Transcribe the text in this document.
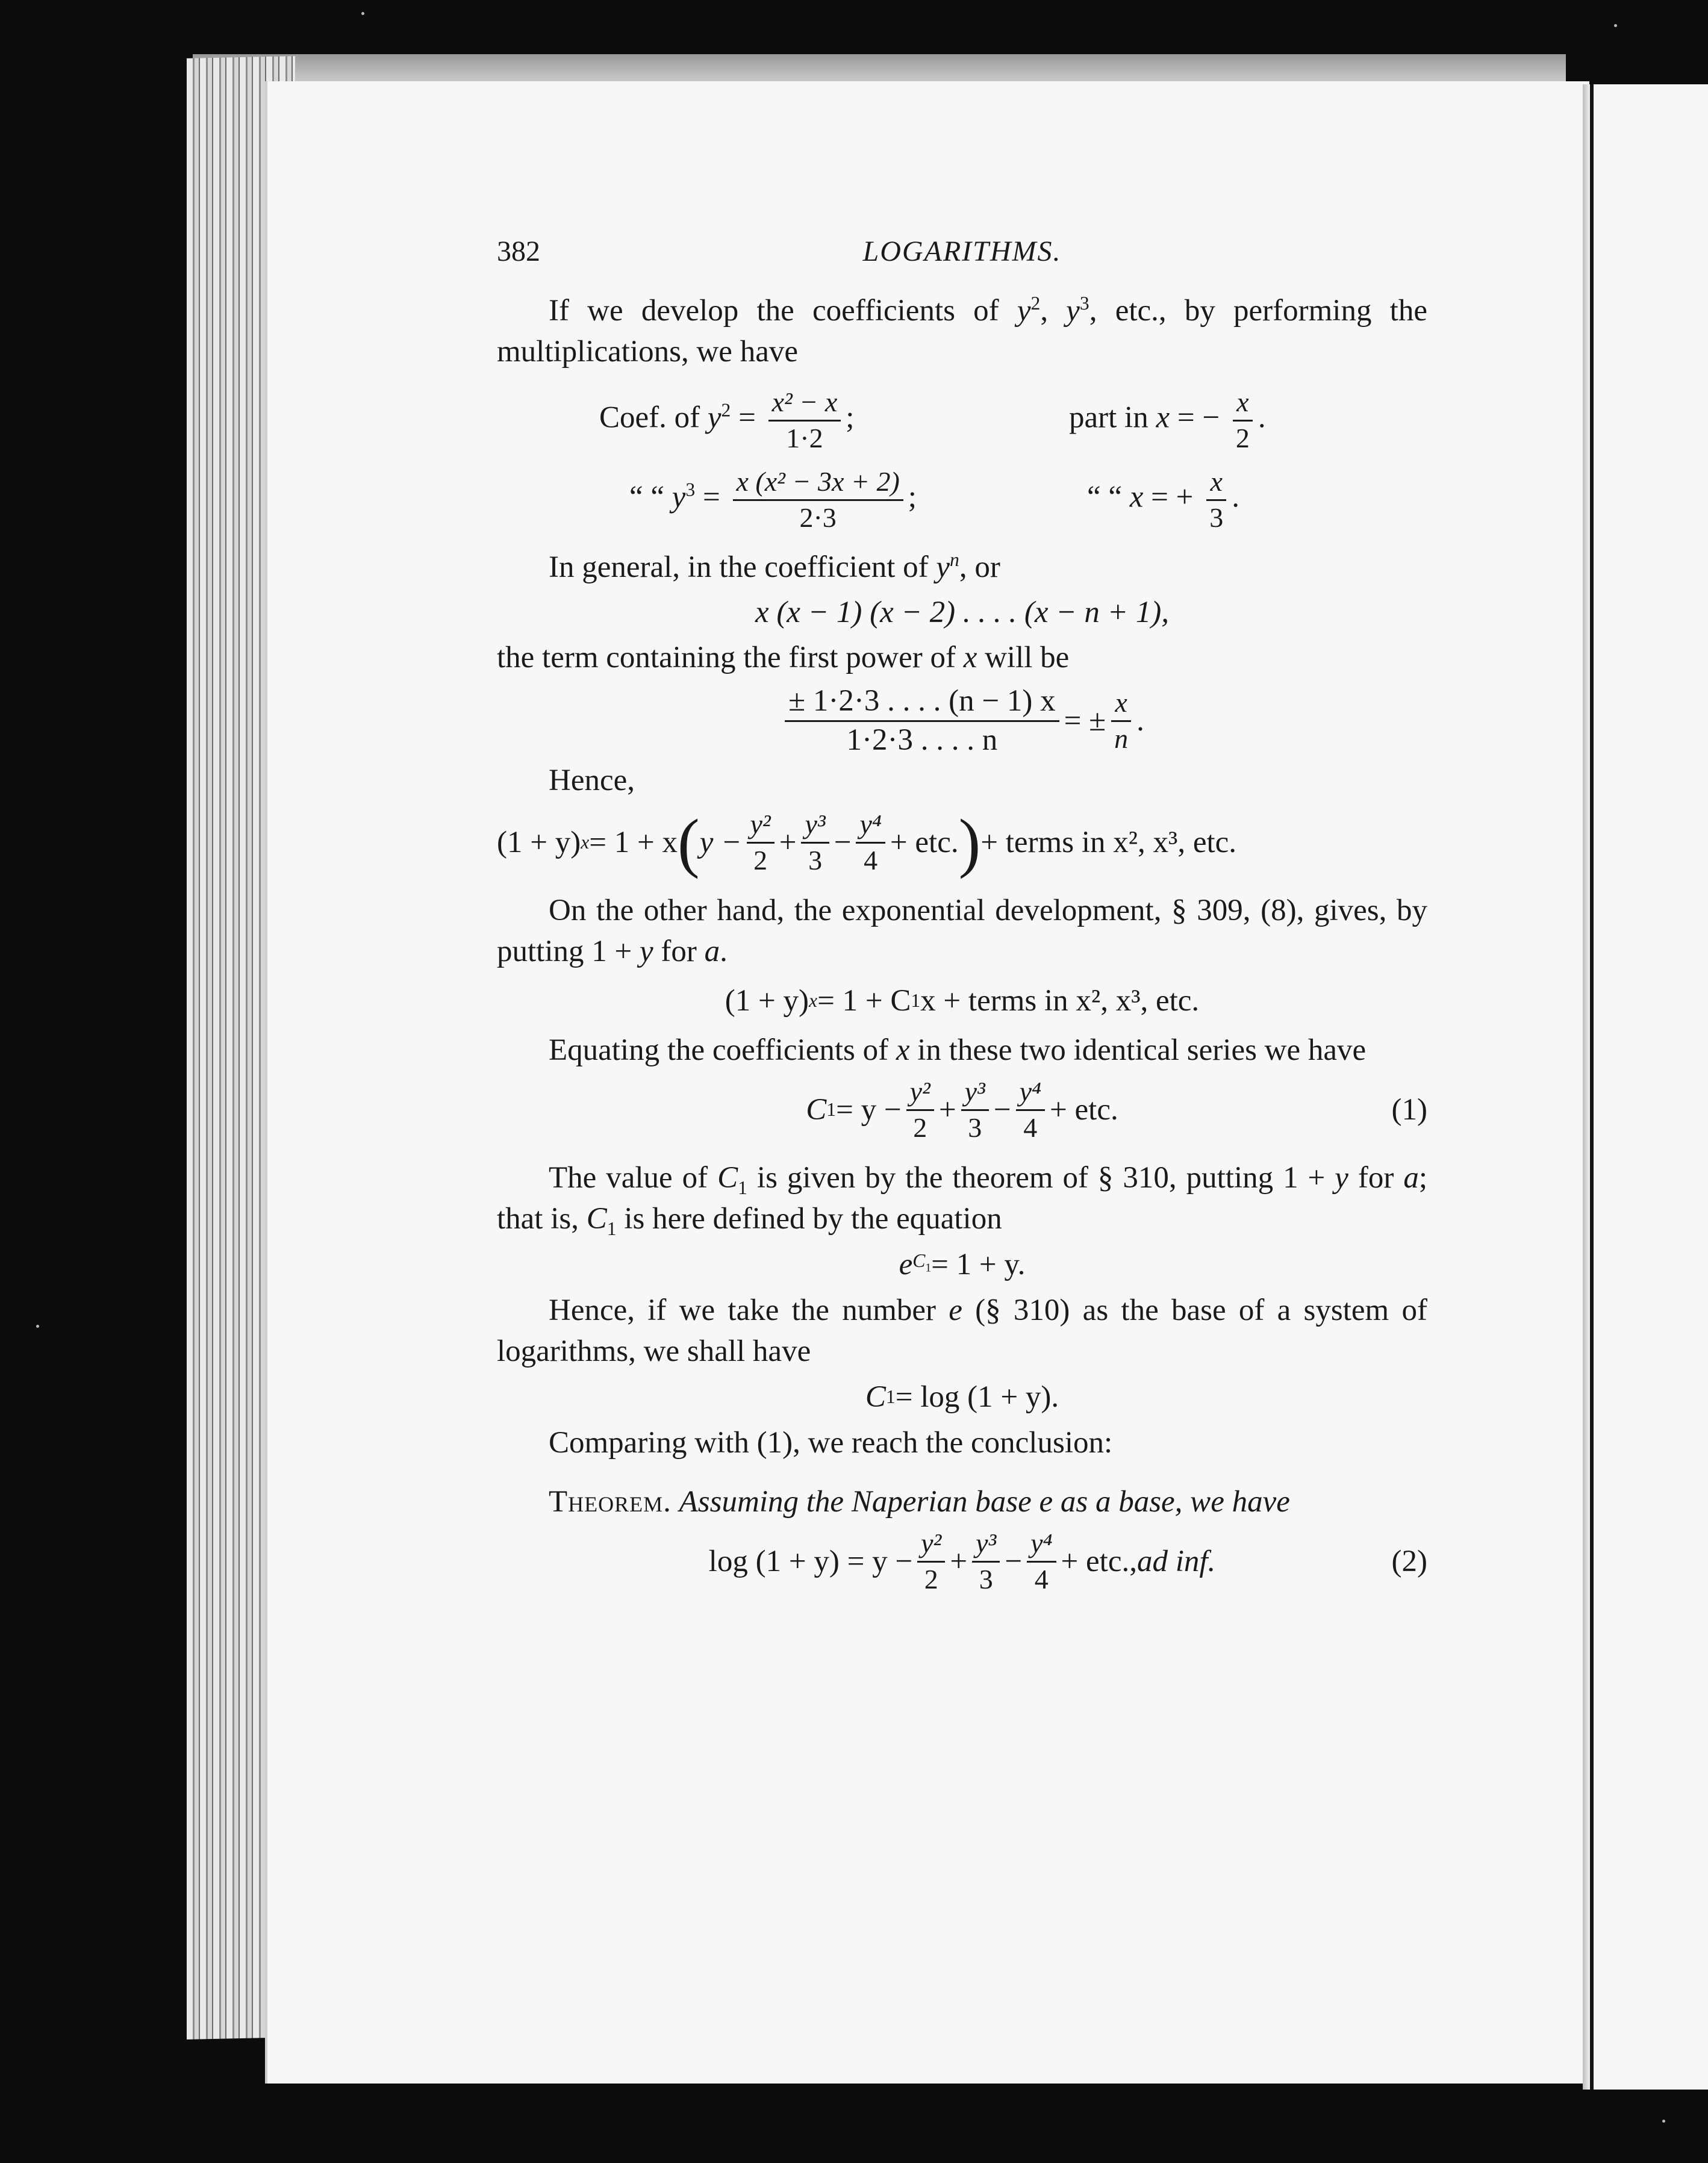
382	LOGARITHMS.

If we develop the coefficients of $y^2$, $y^3$, etc., by performing the multiplications, we have

Coef. of $y^2 = \frac{\text{x² − x}}{1\cdot 2}$ ;	part in x = − $\frac{x}{2}$ .
“ “ $y^3 = \frac{\text{x (x² − 3x + 2)}}{2\cdot 3}$ ;	“ “ x = + $\frac{x}{3}$ .

In general, in the coefficient of $y^n$, or

x (x − 1) (x − 2) . . . . (x − n + 1),

the term containing the first power of x will be

$\frac{\pm 1\cdot 2\cdot 3 . . . . (n - 1) x}{1\cdot 2\cdot 3 . . . . n}$ = ± $\frac{x}{n}$ .

Hence,

(1 + y) x = 1 + x ( $y - \frac{\text{y²}}{2} + \frac{\text{y³}}{3} - \frac{\text{y⁴}}{4}$ + etc. ) + terms in x², x³, etc.

On the other hand, the exponential development, § 309, (8), gives, by putting 1 + y for a.

(1 + y) x = 1 + C 1 x + terms in x², x³, etc.

Equating the coefficients of x in these two identical series we have

C $1 = y - \frac{\text{y²}}{2} + \frac{\text{y³}}{3} - \frac{\text{y⁴}}{4}$ + etc.	(1)

The value of $C_1$ is given by the theorem of § 310, putting 1 + y for a; that is, $C_1$ is here defined by the equation

e $C_1 = 1 + y$.

Hence, if we take the number e (§ 310) as the base of a system of logarithms, we shall have

C 1 = log (1 + y).

Comparing with (1), we reach the conclusion:

Theorem. Assuming the Naperian base e as a base, we have

$\log (1 + y) = y - \frac{\text{y²}}{2} + \frac{\text{y³}}{3} - \frac{\text{y⁴}}{4}$ + etc., ad inf.	(2)
